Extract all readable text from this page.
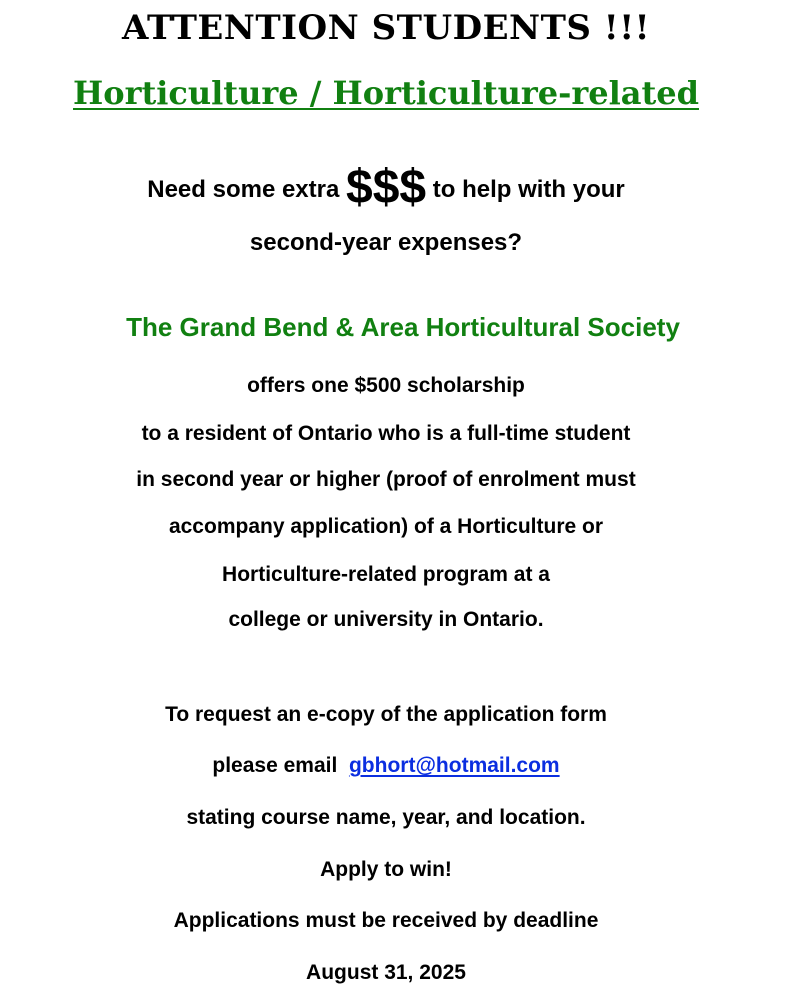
ATTENTION STUDENTS !!!
Horticulture / Horticulture-related
Need some extra $$$ to help with your
second-year expenses?
The Grand Bend & Area Horticultural Society
offers one $500 scholarship
to a resident of Ontario who is a full-time student
in second year or higher (proof of enrolment must
accompany application) of a Horticulture or
Horticulture-related program at a
college or university in Ontario.
To request an e-copy of the application form
please email  gbhort@hotmail.com
stating course name, year, and location.
Apply to win!
Applications must be received by deadline
August 31, 2025
